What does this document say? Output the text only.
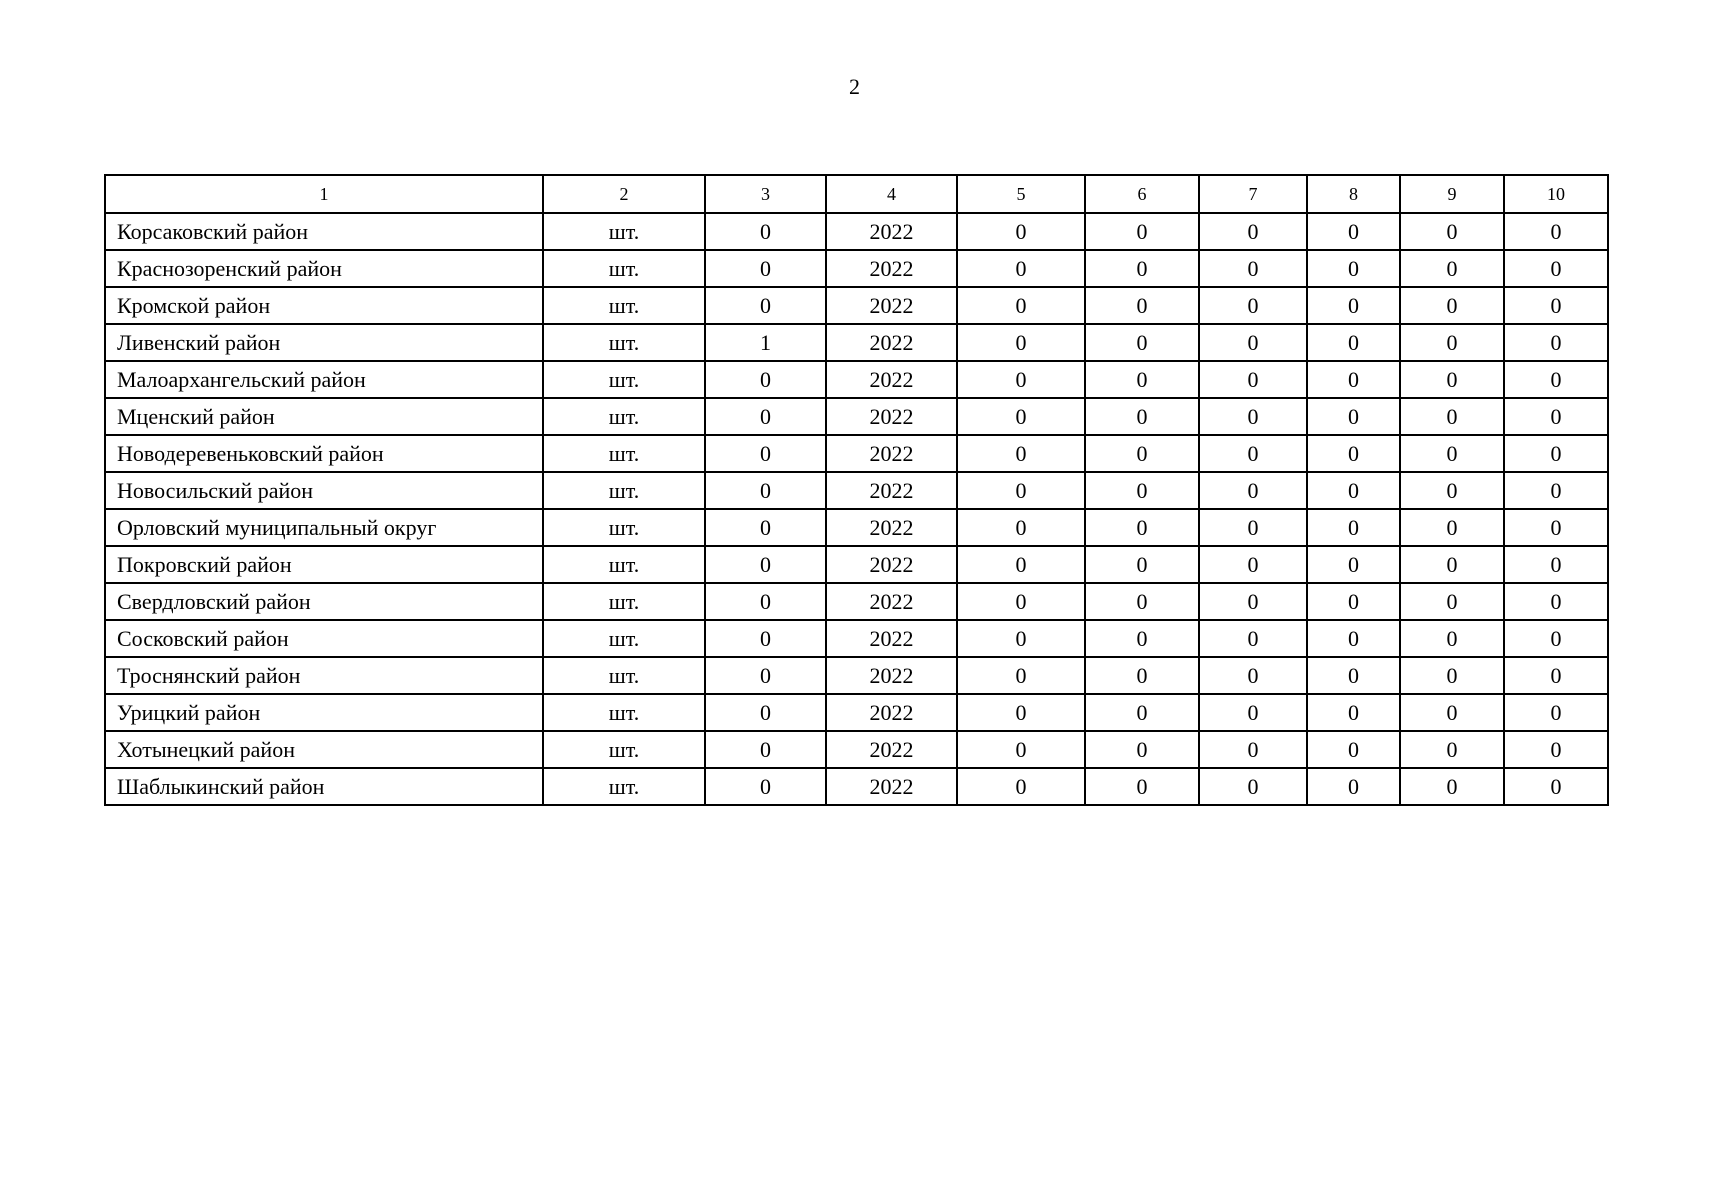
2
1	2	3	4	5	6	7	8	9	10
Корсаковский район	шт.	0	2022	0	0	0	0	0	0
Краснозоренский район	шт.	0	2022	0	0	0	0	0	0
Кромской район	шт.	0	2022	0	0	0	0	0	0
Ливенский район	шт.	1	2022	0	0	0	0	0	0
Малоархангельский район	шт.	0	2022	0	0	0	0	0	0
Мценский район	шт.	0	2022	0	0	0	0	0	0
Новодеревеньковский район	шт.	0	2022	0	0	0	0	0	0
Новосильский район	шт.	0	2022	0	0	0	0	0	0
Орловский муниципальный округ	шт.	0	2022	0	0	0	0	0	0
Покровский район	шт.	0	2022	0	0	0	0	0	0
Свердловский район	шт.	0	2022	0	0	0	0	0	0
Сосковский район	шт.	0	2022	0	0	0	0	0	0
Троснянский район	шт.	0	2022	0	0	0	0	0	0
Урицкий район	шт.	0	2022	0	0	0	0	0	0
Хотынецкий район	шт.	0	2022	0	0	0	0	0	0
Шаблыкинский район	шт.	0	2022	0	0	0	0	0	0
